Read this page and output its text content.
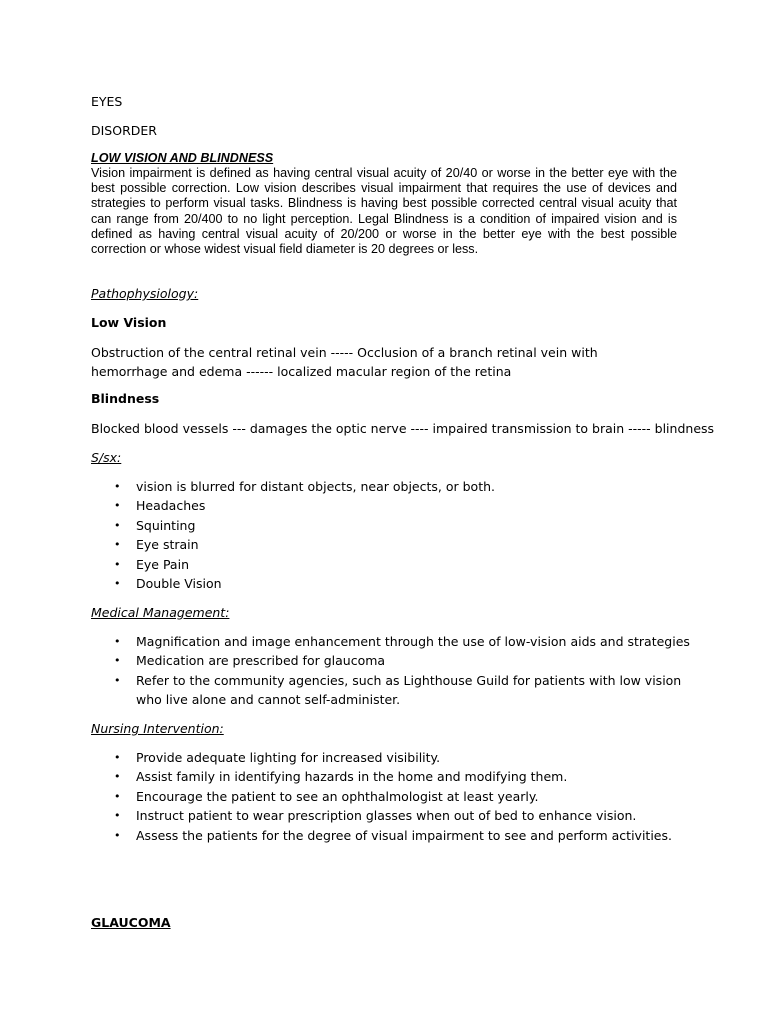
EYES

DISORDER

LOW VISION AND BLINDNESS

Vision impairment is defined as having central visual acuity of 20/40 or worse in the better eye with the best possible correction. Low vision describes visual impairment that requires the use of devices and strategies to perform visual tasks. Blindness is having best possible corrected central visual acuity that can range from 20/400 to no light perception. Legal Blindness is a condition of impaired vision and is defined as having central visual acuity of 20/200 or worse in the better eye with the best possible correction or whose widest visual field diameter is 20 degrees or less.

Pathophysiology:

Low Vision

Obstruction of the central retinal vein ----- Occlusion of a branch retinal vein with hemorrhage and edema ------ localized macular region of the retina

Blindness

Blocked blood vessels --- damages the optic nerve ---- impaired transmission to brain ----- blindness

S/sx:

• vision is blurred for distant objects, near objects, or both.
• Headaches
• Squinting
• Eye strain
• Eye Pain
• Double Vision

Medical Management:

• Magnification and image enhancement through the use of low-vision aids and strategies
• Medication are prescribed for glaucoma
• Refer to the community agencies, such as Lighthouse Guild for patients with low vision who live alone and cannot self-administer.

Nursing Intervention:

• Provide adequate lighting for increased visibility.
• Assist family in identifying hazards in the home and modifying them.
• Encourage the patient to see an ophthalmologist at least yearly.
• Instruct patient to wear prescription glasses when out of bed to enhance vision.
• Assess the patients for the degree of visual impairment to see and perform activities.

GLAUCOMA
